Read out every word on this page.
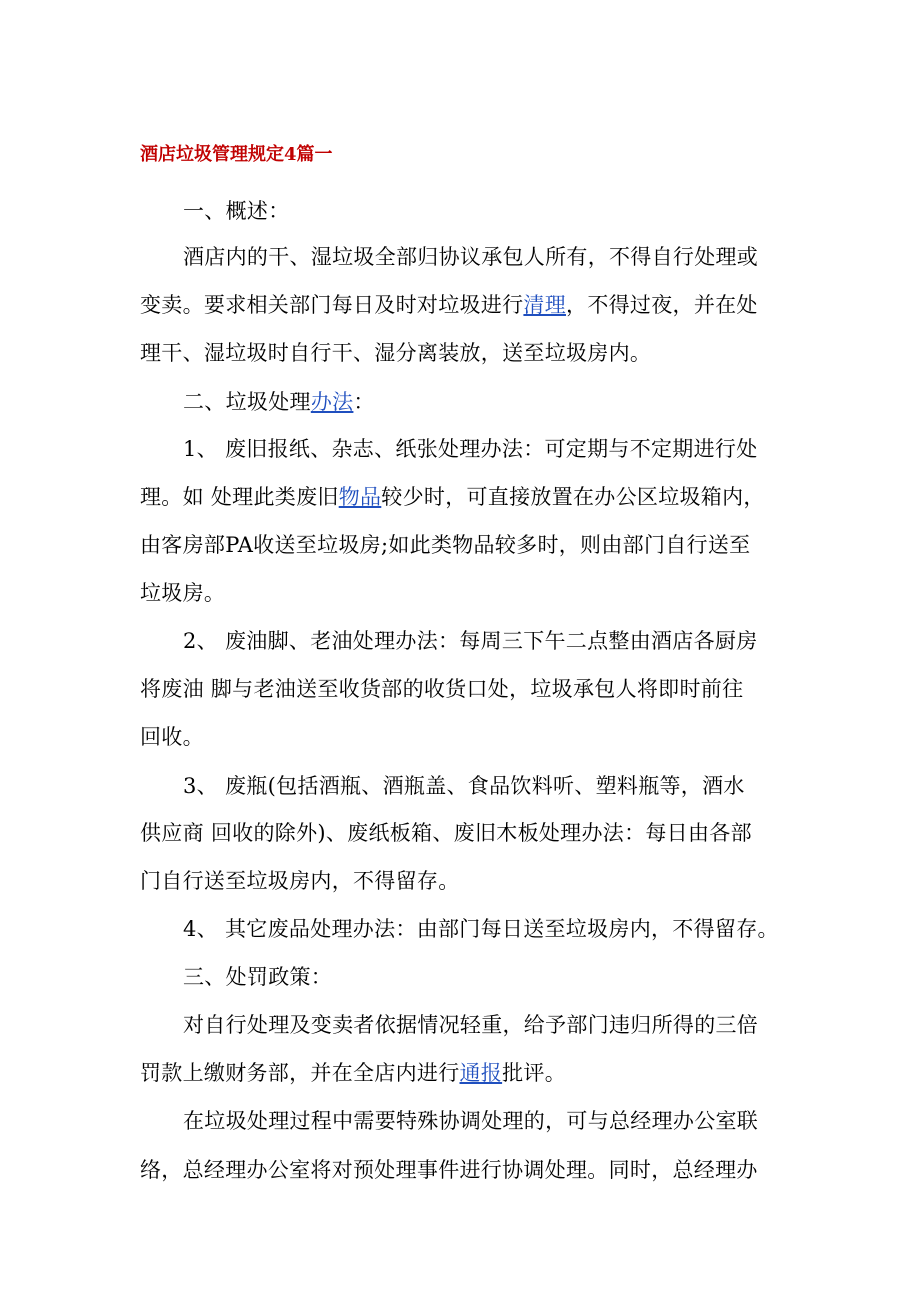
酒店垃圾管理规定4篇一
一、概述：
酒店内的干、湿垃圾全部归协议承包人所有，不得自行处理或
变卖。要求相关部门每日及时对垃圾进行清理，不得过夜，并在处
理干、湿垃圾时自行干、湿分离装放，送至垃圾房内。
二、垃圾处理办法：
1、 废旧报纸、杂志、纸张处理办法：可定期与不定期进行处
理。如 处理此类废旧物品较少时，可直接放置在办公区垃圾箱内，
由客房部PA收送至垃圾房;如此类物品较多时，则由部门自行送至
垃圾房。
2、 废油脚、老油处理办法：每周三下午二点整由酒店各厨房
将废油 脚与老油送至收货部的收货口处，垃圾承包人将即时前往
回收。
3、 废瓶(包括酒瓶、酒瓶盖、食品饮料听、塑料瓶等，酒水
供应商 回收的除外)、废纸板箱、废旧木板处理办法：每日由各部
门自行送至垃圾房内，不得留存。
4、 其它废品处理办法：由部门每日送至垃圾房内，不得留存。
三、处罚政策：
对自行处理及变卖者依据情况轻重，给予部门违归所得的三倍
罚款上缴财务部，并在全店内进行通报批评。
在垃圾处理过程中需要特殊协调处理的，可与总经理办公室联
络，总经理办公室将对预处理事件进行协调处理。同时，总经理办
